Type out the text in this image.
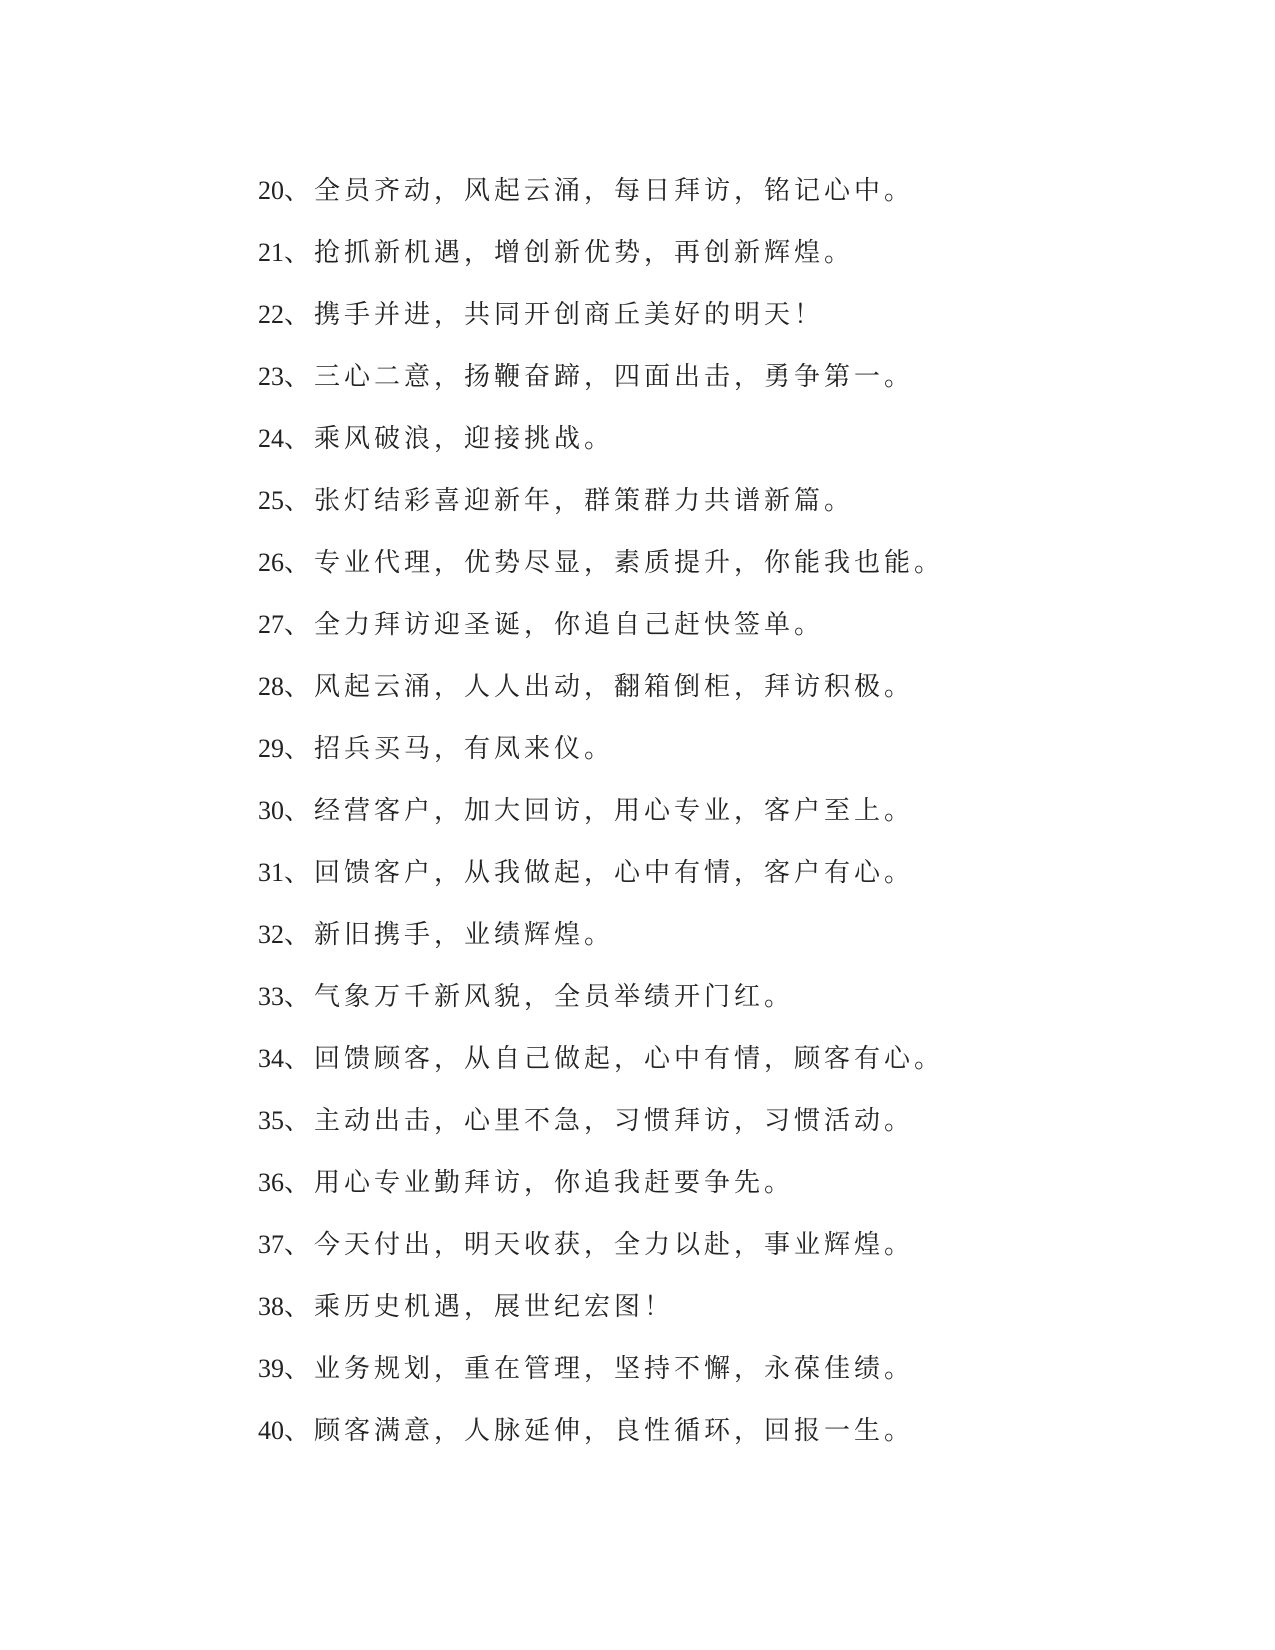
20、全员齐动，风起云涌，每日拜访，铭记心中。
21、抢抓新机遇，增创新优势，再创新辉煌。
22、携手并进，共同开创商丘美好的明天！
23、三心二意，扬鞭奋蹄，四面出击，勇争第一。
24、乘风破浪，迎接挑战。
25、张灯结彩喜迎新年，群策群力共谱新篇。
26、专业代理，优势尽显，素质提升，你能我也能。
27、全力拜访迎圣诞，你追自己赶快签单。
28、风起云涌，人人出动，翻箱倒柜，拜访积极。
29、招兵买马，有凤来仪。
30、经营客户，加大回访，用心专业，客户至上。
31、回馈客户，从我做起，心中有情，客户有心。
32、新旧携手，业绩辉煌。
33、气象万千新风貌，全员举绩开门红。
34、回馈顾客，从自己做起，心中有情，顾客有心。
35、主动出击，心里不急，习惯拜访，习惯活动。
36、用心专业勤拜访，你追我赶要争先。
37、今天付出，明天收获，全力以赴，事业辉煌。
38、乘历史机遇，展世纪宏图！
39、业务规划，重在管理，坚持不懈，永葆佳绩。
40、顾客满意，人脉延伸，良性循环，回报一生。
